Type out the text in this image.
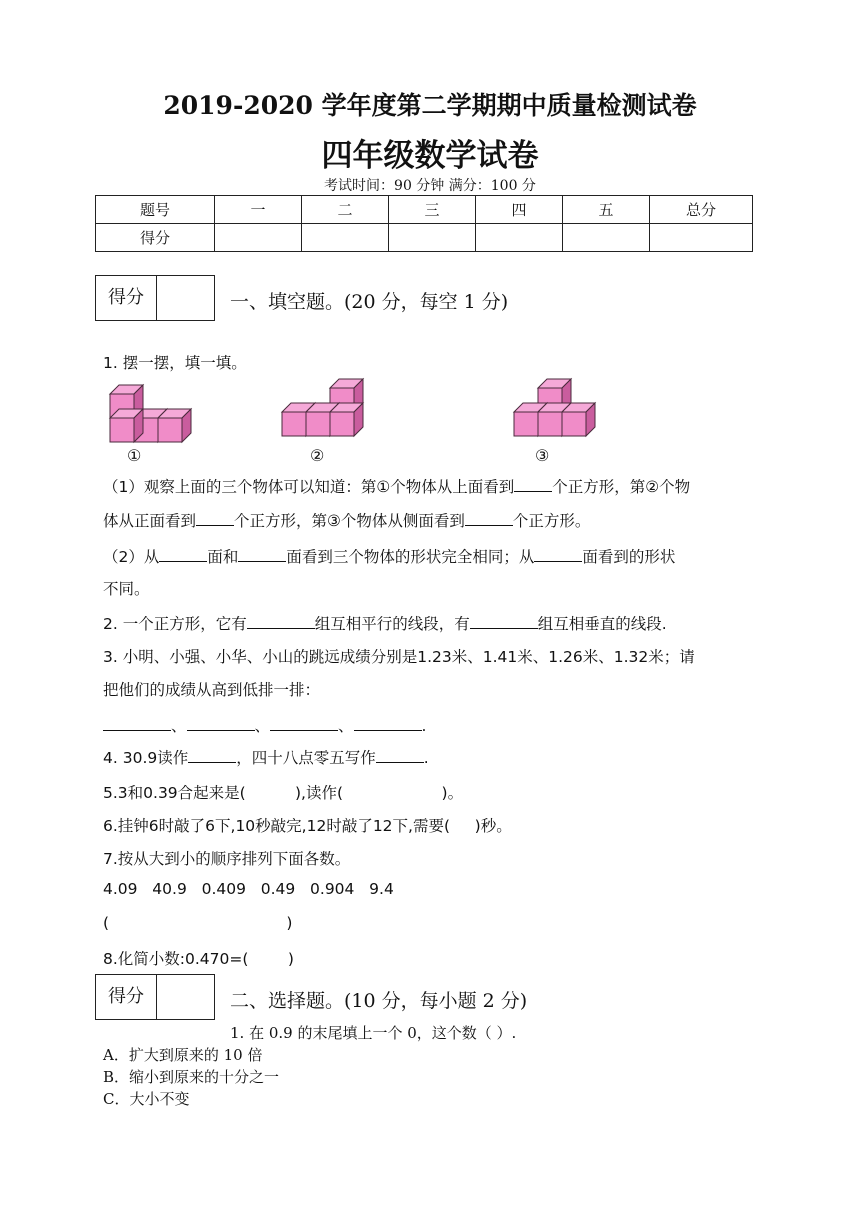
2019-2020 学年度第二学期期中质量检测试卷
四年级数学试卷
考试时间：90 分钟 满分：100 分
题号	一	二	三	四	五	总分
得分						
得分	一、填空题。(20 分，每空 1 分)
1. 摆一摆，填一填。
①	②	③
（1）观察上面的三个物体可以知道：第①个物体从上面看到 个正方形，第②个物
体从正面看到 个正方形，第③个物体从侧面看到	个正方形。
（2）从	面和	面看到三个物体的形状完全相同；从	面看到的形状
不同。
2. 一个正方形，它有	组互相平行的线段，有	组互相垂直的线段.
3. 小明、小强、小华、小山的跳远成绩分别是1.23米、1.41米、1.26米、1.32米；请
把他们的成绩从高到低排一排：
、	、	、	.
4. 30.9读作	，四十八点零五写作	.
5.3和0.39合起来是(          ),读作(                    )。
6.挂钟6时敲了6下,10秒敲完,12时敲了12下,需要(     )秒。
7.按从大到小的顺序排列下面各数。
4.09   40.9   0.409   0.49   0.904   9.4
(                                    )
8.化简小数:0.470=(        )
得分	二、选择题。(10 分，每小题 2 分)
1. 在 0.9 的末尾填上一个 0，这个数（ ）.
A．扩大到原来的 10 倍
B．缩小到原来的十分之一
C．大小不变
